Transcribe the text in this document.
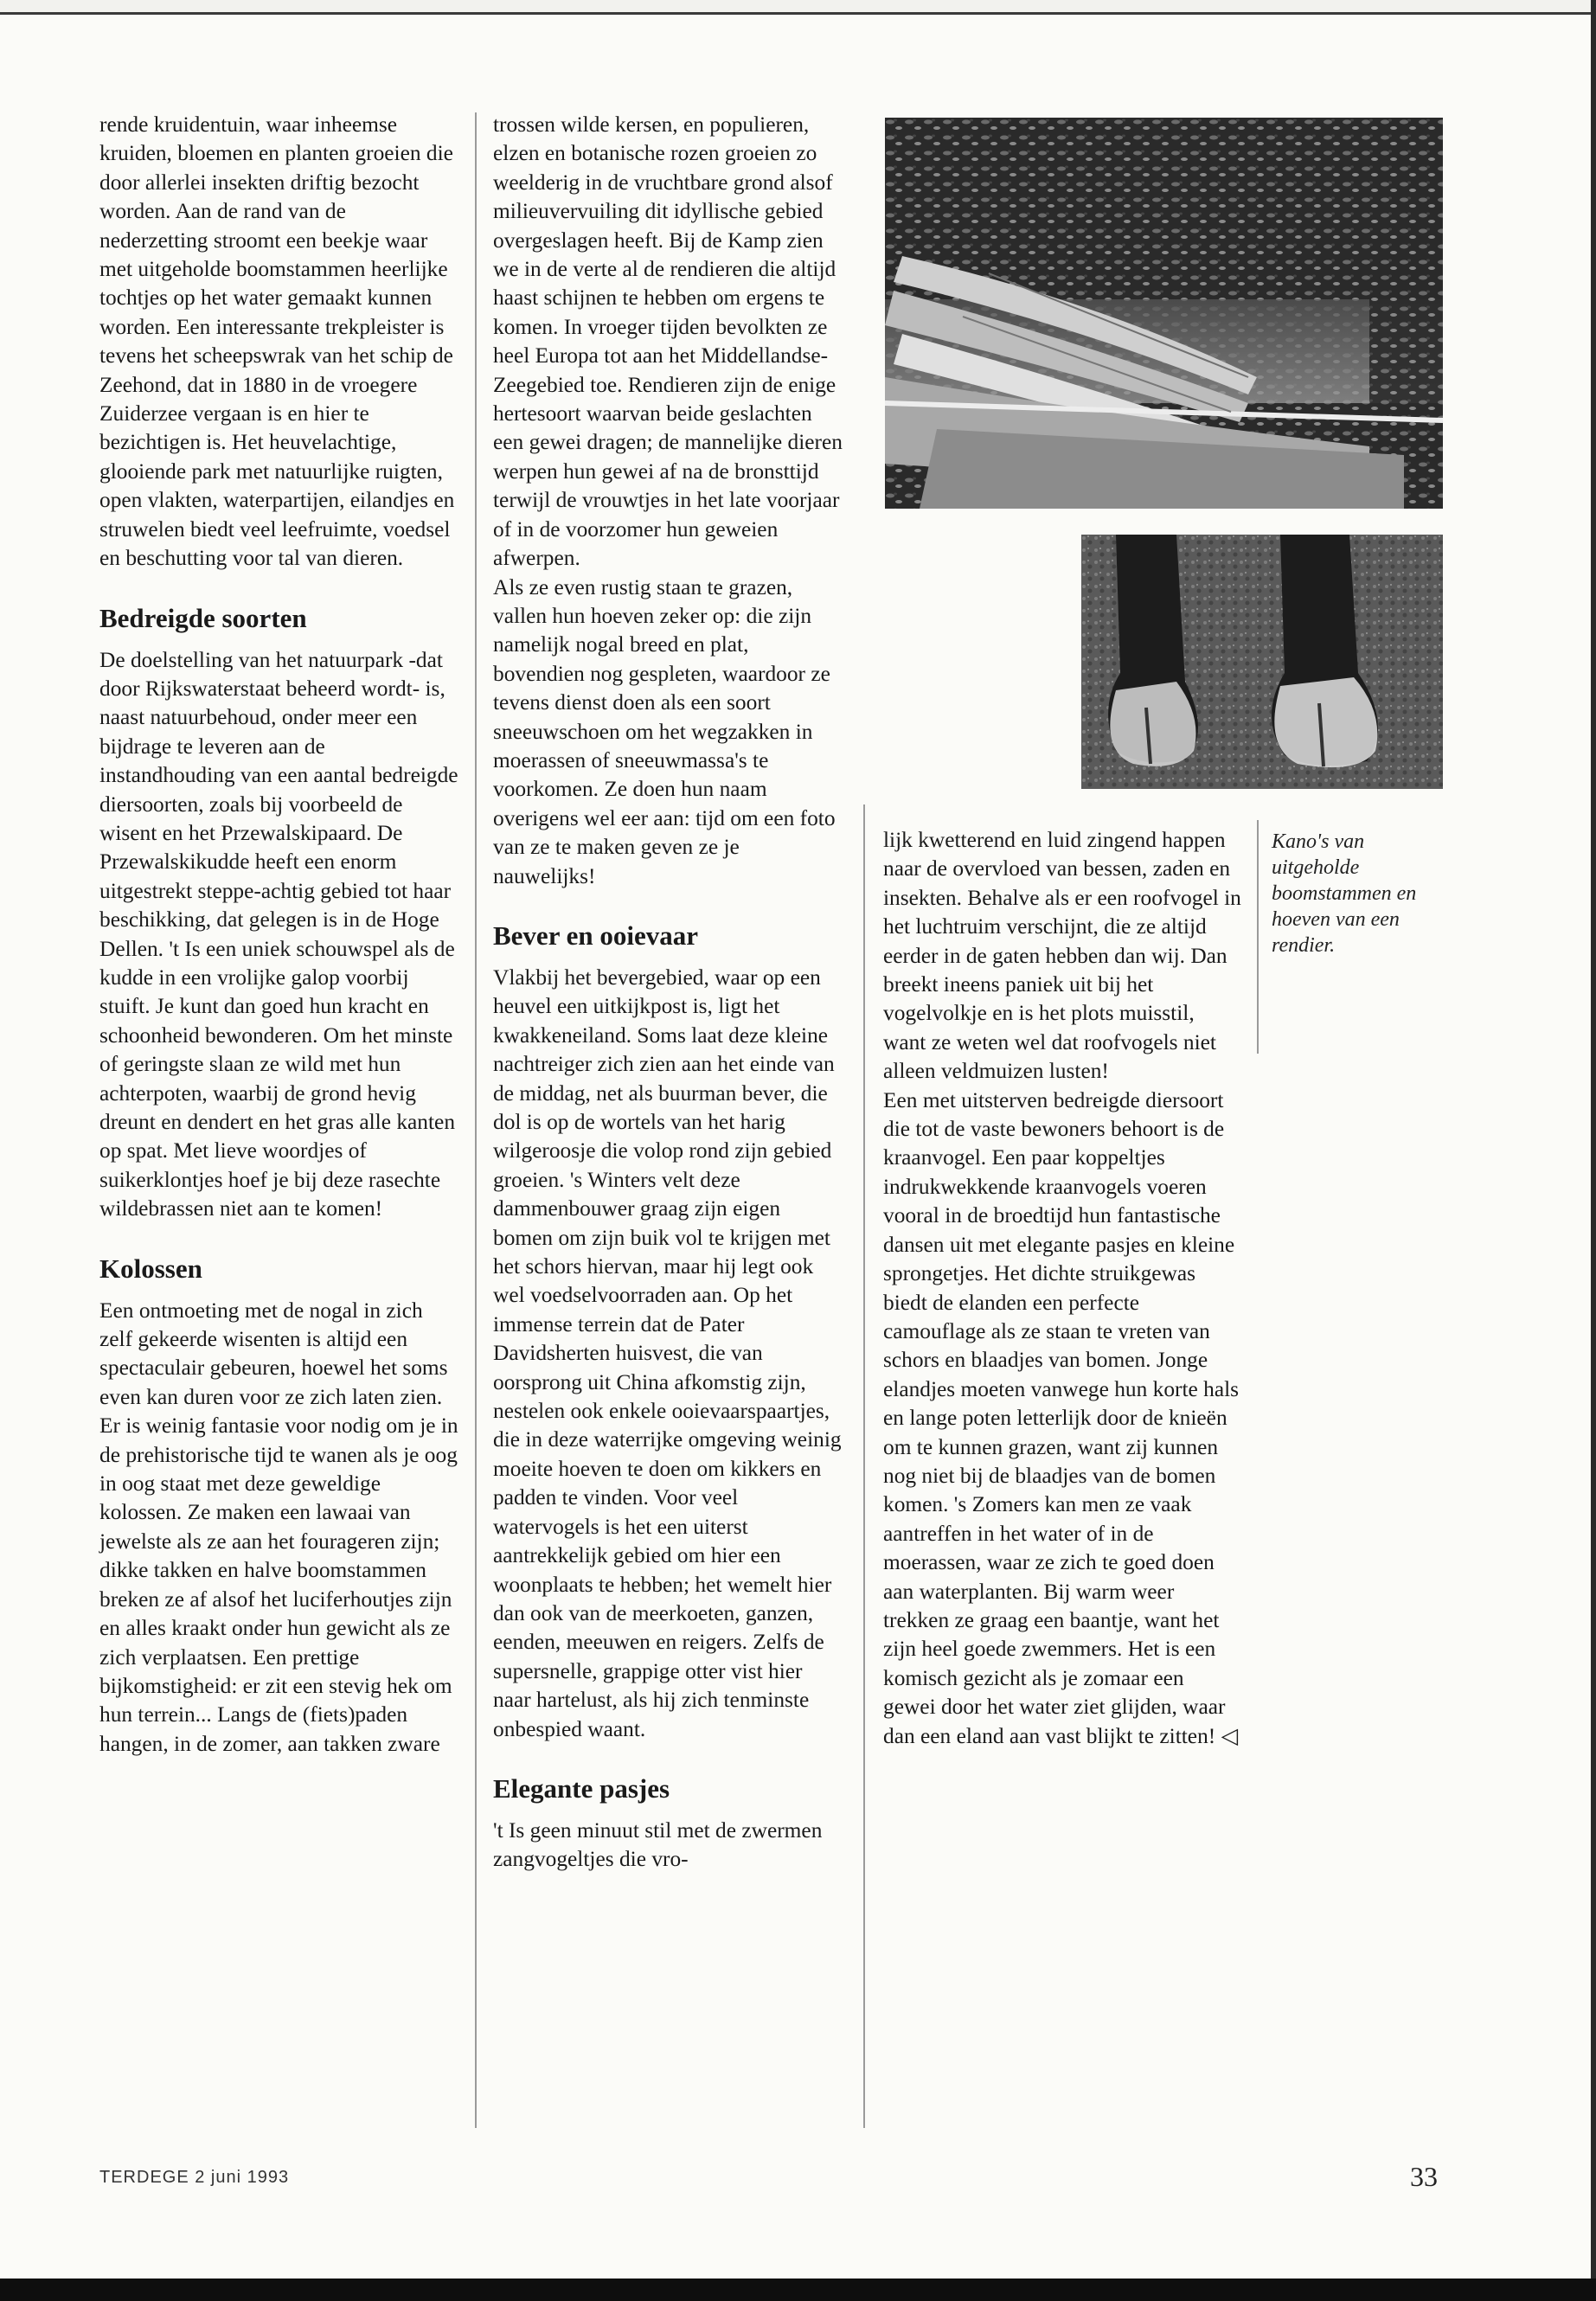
rende kruidentuin, waar inheemse kruiden, bloemen en planten groeien die door allerlei insekten driftig bezocht worden. Aan de rand van de nederzetting stroomt een beekje waar met uitgeholde boomstammen heerlijke tochtjes op het water gemaakt kunnen worden. Een interessante trekpleister is tevens het scheepswrak van het schip de Zeehond, dat in 1880 in de vroegere Zuiderzee vergaan is en hier te bezichtigen is. Het heuvelachtige, glooiende park met natuurlijke ruigten, open vlakten, waterpartijen, eilandjes en struwelen biedt veel leefruimte, voedsel en beschutting voor tal van dieren.

Bedreigde soorten

De doelstelling van het natuurpark -dat door Rijkswaterstaat beheerd wordt- is, naast natuurbehoud, onder meer een bijdrage te leveren aan de instandhouding van een aantal bedreigde diersoorten, zoals bij voorbeeld de wisent en het Przewalskipaard. De Przewalskikudde heeft een enorm uitgestrekt steppe-achtig gebied tot haar beschikking, dat gelegen is in de Hoge Dellen. 't Is een uniek schouwspel als de kudde in een vrolijke galop voorbij stuift. Je kunt dan goed hun kracht en schoonheid bewonderen. Om het minste of geringste slaan ze wild met hun achterpoten, waarbij de grond hevig dreunt en dendert en het gras alle kanten op spat. Met lieve woordjes of suikerklontjes hoef je bij deze rasechte wildebrassen niet aan te komen!

Kolossen

Een ontmoeting met de nogal in zich zelf gekeerde wisenten is altijd een spectaculair gebeuren, hoewel het soms even kan duren voor ze zich laten zien. Er is weinig fantasie voor nodig om je in de prehistorische tijd te wanen als je oog in oog staat met deze geweldige kolossen. Ze maken een lawaai van jewelste als ze aan het fourageren zijn; dikke takken en halve boomstammen breken ze af alsof het luciferhoutjes zijn en alles kraakt onder hun gewicht als ze zich verplaatsen. Een prettige bijkomstigheid: er zit een stevig hek om hun terrein... Langs de (fiets)paden hangen, in de zomer, aan takken zware

trossen wilde kersen, en populieren, elzen en botanische rozen groeien zo weelderig in de vruchtbare grond alsof milieuvervuiling dit idyllische gebied overgeslagen heeft. Bij de Kamp zien we in de verte al de rendieren die altijd haast schijnen te hebben om ergens te komen. In vroeger tijden bevolkten ze heel Europa tot aan het Middellandse-Zeegebied toe. Rendieren zijn de enige hertesoort waarvan beide geslachten een gewei dragen; de mannelijke dieren werpen hun gewei af na de bronsttijd terwijl de vrouwtjes in het late voorjaar of in de voorzomer hun geweien afwerpen.

Als ze even rustig staan te grazen, vallen hun hoeven zeker op: die zijn namelijk nogal breed en plat, bovendien nog gespleten, waardoor ze tevens dienst doen als een soort sneeuwschoen om het wegzakken in moerassen of sneeuwmassa's te voorkomen. Ze doen hun naam overigens wel eer aan: tijd om een foto van ze te maken geven ze je nauwelijks!

Bever en ooievaar

Vlakbij het bevergebied, waar op een heuvel een uitkijkpost is, ligt het kwakkeneiland. Soms laat deze kleine nachtreiger zich zien aan het einde van de middag, net als buurman bever, die dol is op de wortels van het harig wilgeroosje die volop rond zijn gebied groeien. 's Winters velt deze dammenbouwer graag zijn eigen bomen om zijn buik vol te krijgen met het schors hiervan, maar hij legt ook wel voedselvoorraden aan. Op het immense terrein dat de Pater Davidsherten huisvest, die van oorsprong uit China afkomstig zijn, nestelen ook enkele ooievaarspaartjes, die in deze waterrijke omgeving weinig moeite hoeven te doen om kikkers en padden te vinden. Voor veel watervogels is het een uiterst aantrekkelijk gebied om hier een woonplaats te hebben; het wemelt hier dan ook van de meerkoeten, ganzen, eenden, meeuwen en reigers. Zelfs de supersnelle, grappige otter vist hier naar hartelust, als hij zich tenminste onbespied waant.

Elegante pasjes

't Is geen minuut stil met de zwermen zangvogeltjes die vro-

lijk kwetterend en luid zingend happen naar de overvloed van bessen, zaden en insekten. Behalve als er een roofvogel in het luchtruim verschijnt, die ze altijd eerder in de gaten hebben dan wij. Dan breekt ineens paniek uit bij het vogelvolkje en is het plots muisstil, want ze weten wel dat roofvogels niet alleen veldmuizen lusten!

Een met uitsterven bedreigde diersoort die tot de vaste bewoners behoort is de kraanvogel. Een paar koppeltjes indrukwekkende kraanvogels voeren vooral in de broedtijd hun fantastische dansen uit met elegante pasjes en kleine sprongetjes. Het dichte struikgewas biedt de elanden een perfecte camouflage als ze staan te vreten van schors en blaadjes van bomen. Jonge elandjes moeten vanwege hun korte hals en lange poten letterlijk door de knieën om te kunnen grazen, want zij kunnen nog niet bij de blaadjes van de bomen komen. 's Zomers kan men ze vaak aantreffen in het water of in de moerassen, waar ze zich te goed doen aan waterplanten. Bij warm weer trekken ze graag een baantje, want het zijn heel goede zwemmers. Het is een komisch gezicht als je zomaar een gewei door het water ziet glijden, waar dan een eland aan vast blijkt te zitten! ◁

Kano's van uitgeholde boomstammen en hoeven van een rendier.
TERDEGE 2 juni 1993	33
